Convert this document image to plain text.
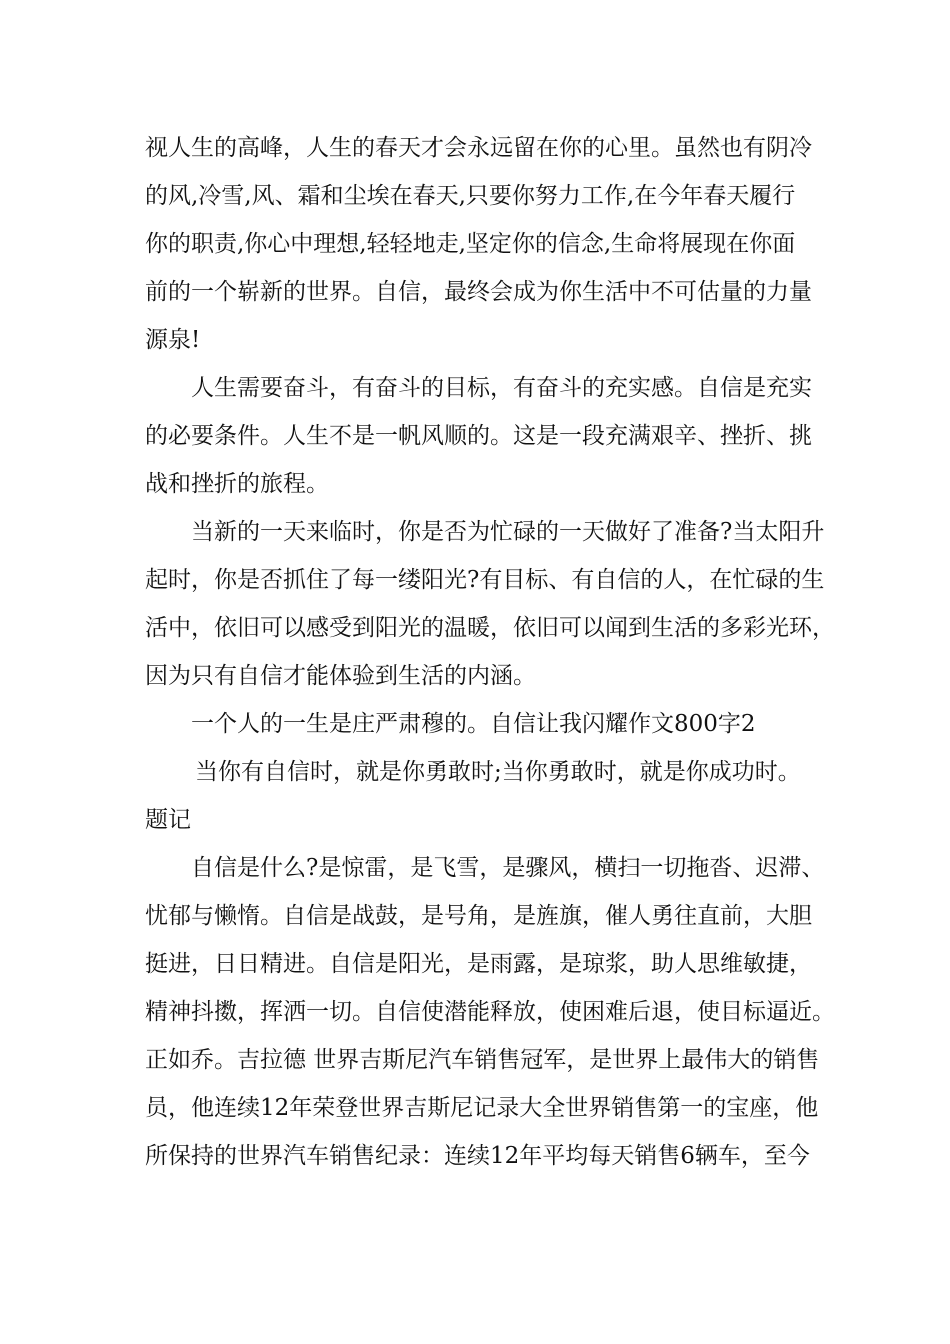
视人生的高峰，人生的春天才会永远留在你的心里。虽然也有阴冷
的风,冷雪,风、霜和尘埃在春天,只要你努力工作,在今年春天履行
你的职责,你心中理想,轻轻地走,坚定你的信念,生命将展现在你面
前的一个崭新的世界。自信，最终会成为你生活中不可估量的力量
源泉!
人生需要奋斗，有奋斗的目标，有奋斗的充实感。自信是充实
的必要条件。人生不是一帆风顺的。这是一段充满艰辛、挫折、挑
战和挫折的旅程。
当新的一天来临时，你是否为忙碌的一天做好了准备?当太阳升
起时，你是否抓住了每一缕阳光?有目标、有自信的人，在忙碌的生
活中，依旧可以感受到阳光的温暖，依旧可以闻到生活的多彩光环，
因为只有自信才能体验到生活的内涵。
一个人的一生是庄严肃穆的。自信让我闪耀作文800字2
当你有自信时，就是你勇敢时;当你勇敢时，就是你成功时。
题记
自信是什么?是惊雷，是飞雪，是骤风，横扫一切拖沓、迟滞、
忧郁与懒惰。自信是战鼓，是号角，是旌旗，催人勇往直前，大胆
挺进，日日精进。自信是阳光，是雨露，是琼浆，助人思维敏捷，
精神抖擞，挥洒一切。自信使潜能释放，使困难后退，使目标逼近。
正如乔。吉拉德 世界吉斯尼汽车销售冠军，是世界上最伟大的销售
员，他连续12年荣登世界吉斯尼记录大全世界销售第一的宝座，他
所保持的世界汽车销售纪录：连续12年平均每天销售6辆车，至今
